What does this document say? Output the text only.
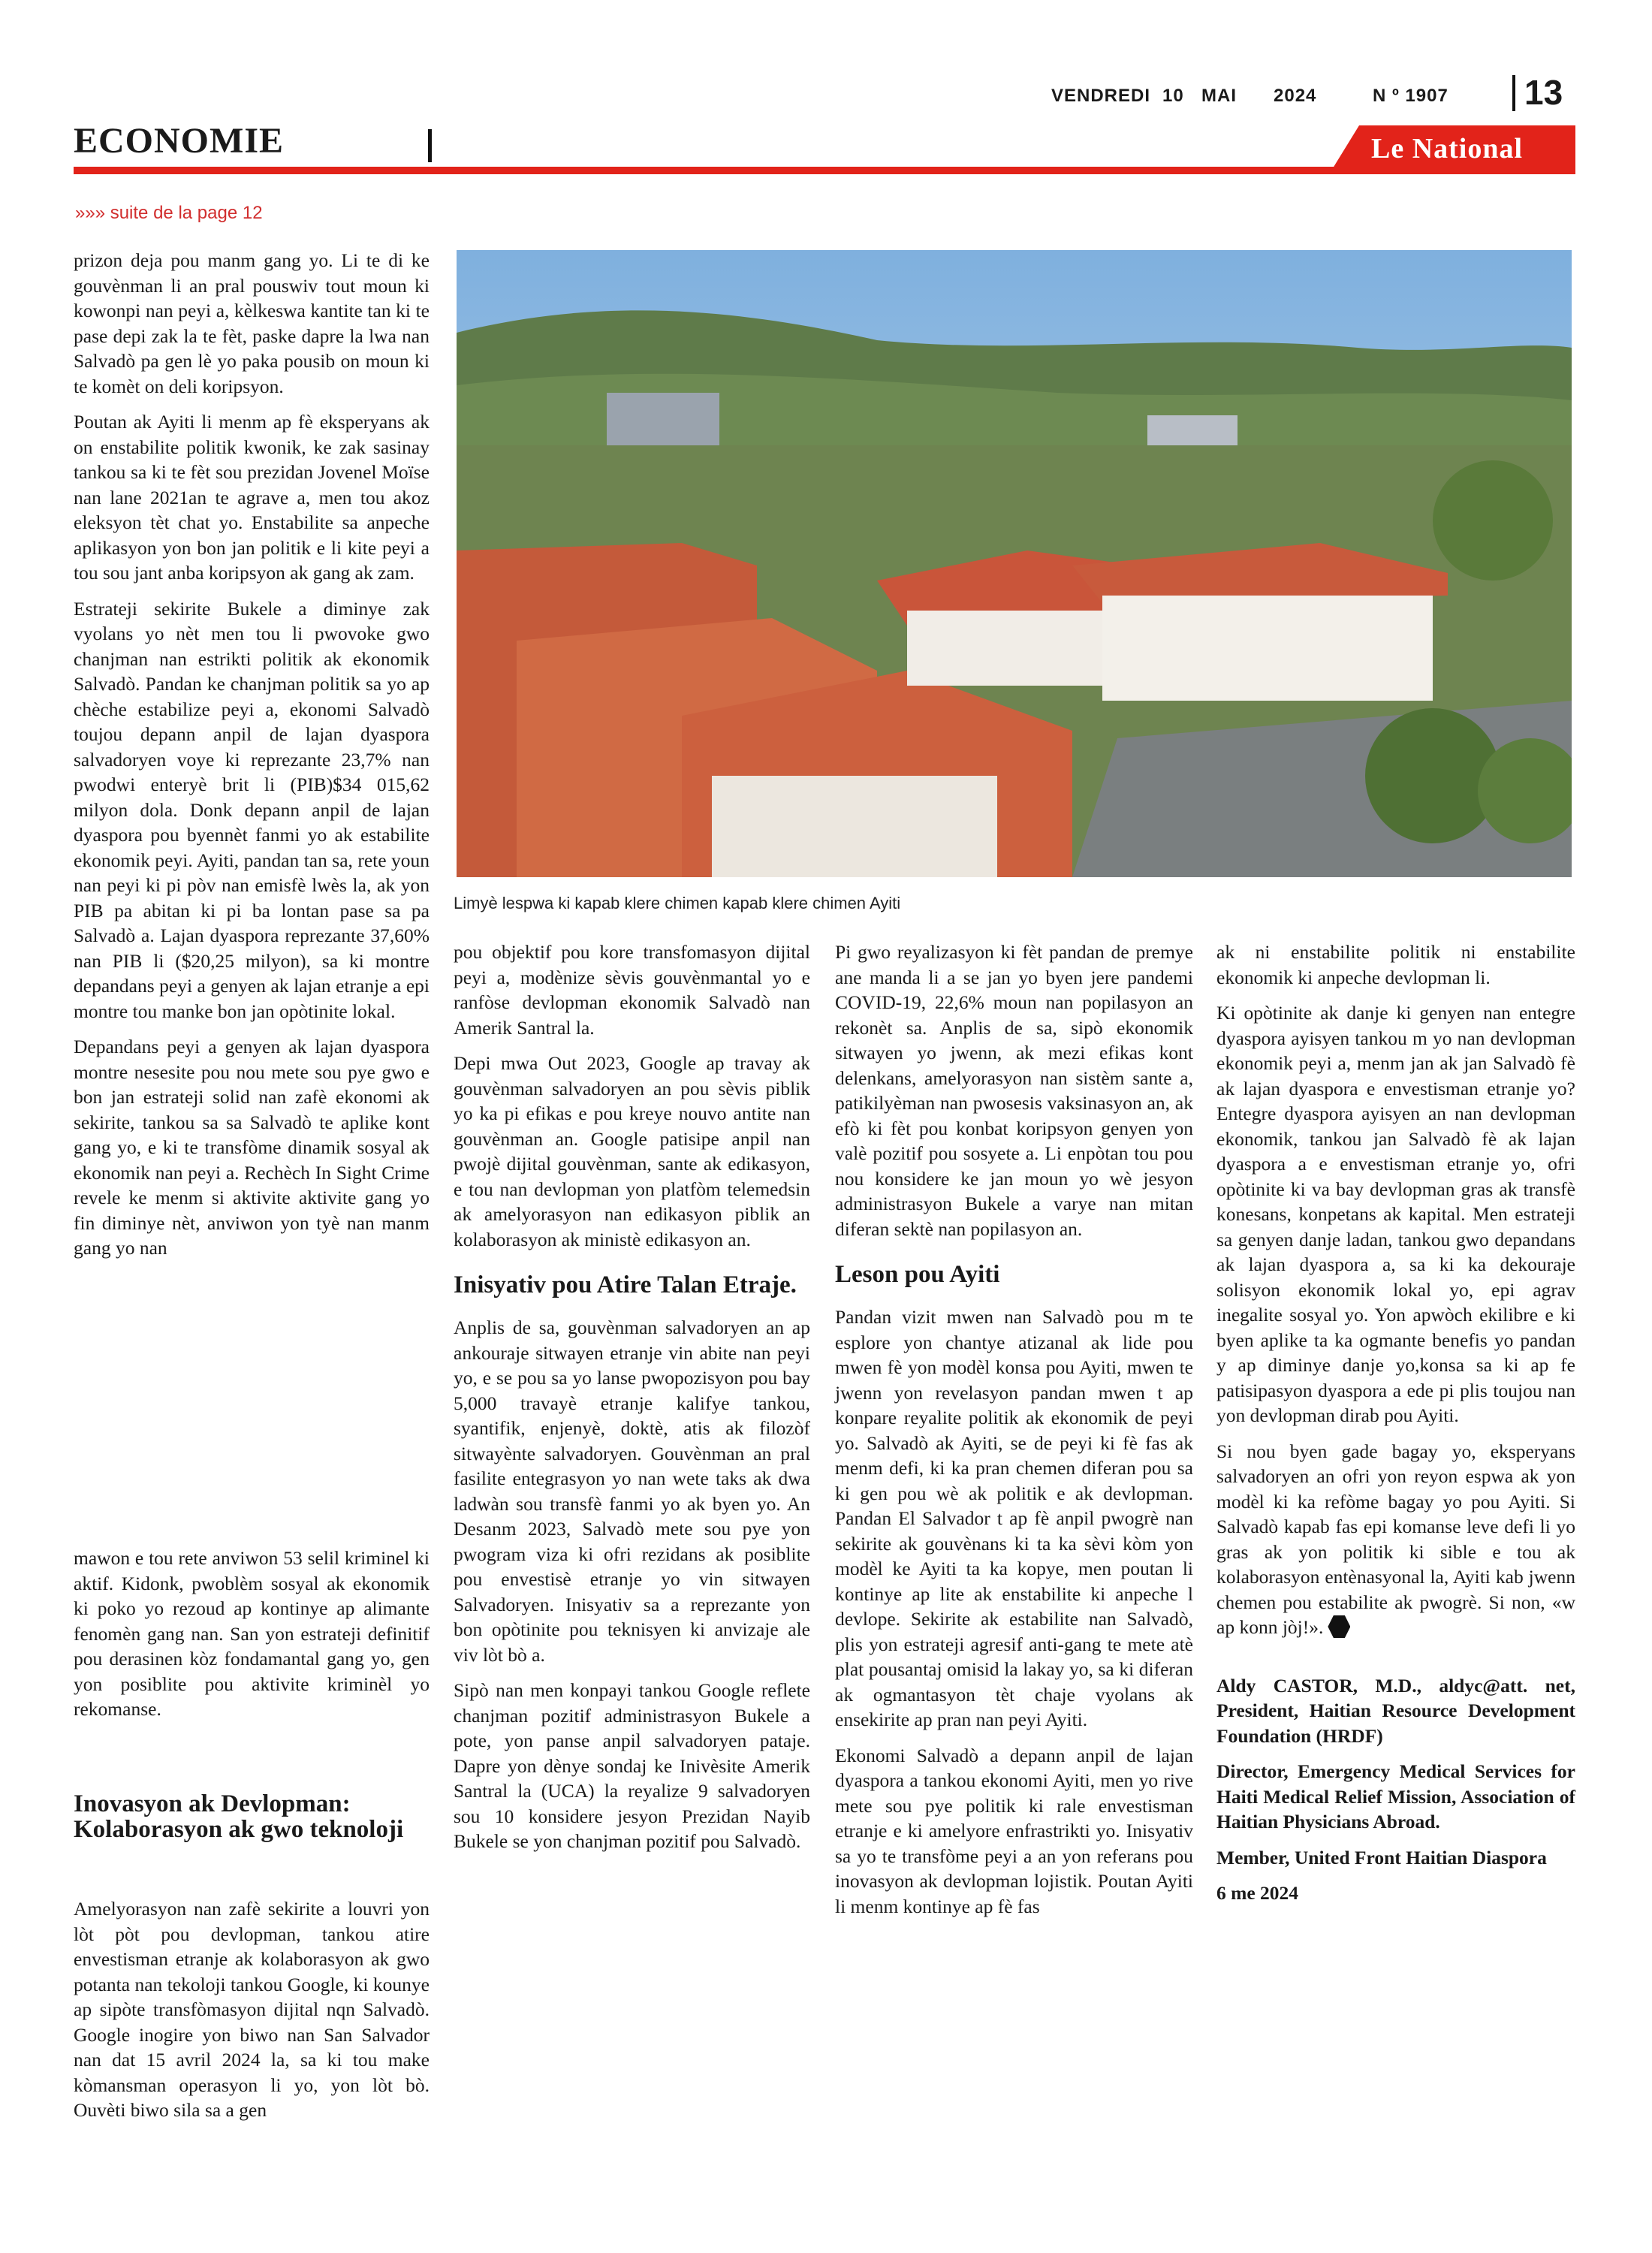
VENDREDI 10 MAI 2024	N º 1907 13
ECONOMIE	Le National
»»» suite de la page 12
Limyè lespwa ki kapab klere chimen kapab klere chimen Ayiti

prizon deja pou manm gang yo. Li te di ke gouvènman li an pral pouswiv tout moun ki kowonpi nan peyi a, kèlkeswa kantite tan ki te pase depi zak la te fèt, paske dapre la lwa nan Salvadò pa gen lè yo paka pousib on moun ki te komèt on deli koripsyon.

Poutan ak Ayiti li menm ap fè eksperyans ak on enstabilite politik kwonik, ke zak sasinay tankou sa ki te fèt sou prezidan Jovenel Moïse nan lane 2021an te agrave a, men tou akoz eleksyon tèt chat yo. Enstabilite sa anpeche aplikasyon yon bon jan politik e li kite peyi a tou sou jant anba koripsyon ak gang ak zam.

Estrateji sekirite Bukele a diminye zak vyolans yo nèt men tou li pwovoke gwo chanjman nan estrikti politik ak ekonomik Salvadò. Pandan ke chanjman politik sa yo ap chèche estabilize peyi a, ekonomi Salvadò toujou depann anpil de lajan dyaspora salvadoryen voye ki reprezante 23,7% nan pwodwi enteryè brit li (PIB)$34 015,62 milyon dola. Donk depann anpil de lajan dyaspora pou byennèt fanmi yo ak estabilite ekonomik peyi. Ayiti, pandan tan sa, rete youn nan peyi ki pi pòv nan emisfè lwès la, ak yon PIB pa abitan ki pi ba lontan pase sa pa Salvadò a. Lajan dyaspora reprezante 37,60% nan PIB li ($20,25 milyon), sa ki montre depandans peyi a genyen ak lajan etranje a epi montre tou manke bon jan opòtinite lokal.

Depandans peyi a genyen ak lajan dyaspora montre nesesite pou nou mete sou pye gwo e bon jan estrateji solid nan zafè ekonomi ak sekirite, tankou sa sa Salvadò te aplike kont gang yo, e ki te transfòme dinamik sosyal ak ekonomik nan peyi a. Rechèch In Sight Crime revele ke menm si aktivite aktivite gang yo fin diminye nèt, anviwon yon tyè nan manm gang yo nan

mawon e tou rete anviwon 53 selil kriminel ki aktif. Kidonk, pwoblèm sosyal ak ekonomik ki poko yo rezoud ap kontinye ap alimante fenomèn gang nan. San yon estrateji definitif pou derasinen kòz fondamantal gang yo, gen yon posiblite pou aktivite kriminèl yo rekomanse.

Inovasyon ak Devlopman: Kolaborasyon ak gwo teknoloji

Amelyorasyon nan zafè sekirite a louvri yon lòt pòt pou devlopman, tankou atire envestisman etranje ak kolaborasyon ak gwo potanta nan tekoloji tankou Google, ki kounye ap sipòte transfòmasyon dijital nqn Salvadò. Google inogire yon biwo nan San Salvador nan dat 15 avril 2024 la, sa ki tou make kòmansman operasyon li yo, yon lòt bò. Ouvèti biwo sila sa a gen

pou objektif pou kore transfomasyon dijital peyi a, modènize sèvis gouvènmantal yo e ranfòse devlopman ekonomik Salvadò nan Amerik Santral la.

Depi mwa Out 2023, Google ap travay ak gouvènman salvadoryen an pou sèvis piblik yo ka pi efikas e pou kreye nouvo antite nan gouvènman an. Google patisipe anpil nan pwojè dijital gouvènman, sante ak edikasyon, e tou nan devlopman yon platfòm telemedsin ak amelyorasyon nan edikasyon piblik an kolaborasyon ak ministè edikasyon an.

Inisyativ pou Atire Talan Etraje.

Anplis de sa, gouvènman salvadoryen an ap ankouraje sitwayen etranje vin abite nan peyi yo, e se pou sa yo lanse pwopozisyon pou bay 5,000 travayè etranje kalifye tankou, syantifik, enjenyè, doktè, atis ak filozòf sitwayènte salvadoryen. Gouvènman an pral fasilite entegrasyon yo nan wete taks ak dwa ladwàn sou transfè fanmi yo ak byen yo. An Desanm 2023, Salvadò mete sou pye yon pwogram viza ki ofri rezidans ak posiblite pou envestisè etranje yo vin sitwayen Salvadoryen. Inisyativ sa a reprezante yon bon opòtinite pou teknisyen ki anvizaje ale viv lòt bò a.

Sipò nan men konpayi tankou Google reflete chanjman pozitif administrasyon Bukele a pote, yon panse anpil salvadoryen pataje. Dapre yon dènye sondaj ke Inivèsite Amerik Santral la (UCA) la reyalize 9 salvadoryen sou 10 konsidere jesyon Prezidan Nayib Bukele se yon chanjman pozitif pou Salvadò.

Pi gwo reyalizasyon ki fèt pandan de premye ane manda li a se jan yo byen jere pandemi COVID-19, 22,6% moun nan popilasyon an rekonèt sa. Anplis de sa, sipò ekonomik sitwayen yo jwenn, ak mezi efikas kont delenkans, amelyorasyon nan sistèm sante a, patikilyèman nan pwosesis vaksinasyon an, ak efò ki fèt pou konbat koripsyon genyen yon valè pozitif pou sosyete a. Li enpòtan tou pou nou konsidere ke jan moun yo wè jesyon administrasyon Bukele a varye nan mitan diferan sektè nan popilasyon an.

Leson pou Ayiti

Pandan vizit mwen nan Salvadò pou m te esplore yon chantye atizanal ak lide pou mwen fè yon modèl konsa pou Ayiti, mwen te jwenn yon revelasyon pandan mwen t ap konpare reyalite politik ak ekonomik de peyi yo. Salvadò ak Ayiti, se de peyi ki fè fas ak menm defi, ki ka pran chemen diferan pou sa ki gen pou wè ak politik e ak devlopman. Pandan El Salvador t ap fè anpil pwogrè nan sekirite ak gouvènans ki ta ka sèvi kòm yon modèl ke Ayiti ta ka kopye, men poutan li kontinye ap lite ak enstabilite ki anpeche l devlope. Sekirite ak estabilite nan Salvadò, plis yon estrateji agresif anti-gang te mete atè plat pousantaj omisid la lakay yo, sa ki diferan ak ogmantasyon tèt chaje vyolans ak ensekirite ap pran nan peyi Ayiti.

Ekonomi Salvadò a depann anpil de lajan dyaspora a tankou ekonomi Ayiti, men yo rive mete sou pye politik ki rale envestisman etranje e ki amelyore enfrastrikti yo. Inisyativ sa yo te transfòme peyi a an yon referans pou inovasyon ak devlopman lojistik. Poutan Ayiti li menm kontinye ap fè fas

ak ni enstabilite politik ni enstabilite ekonomik ki anpeche devlopman li.

Ki opòtinite ak danje ki genyen nan entegre dyaspora ayisyen tankou m yo nan devlopman ekonomik peyi a, menm jan ak jan Salvadò fè ak lajan dyaspora e envestisman etranje yo? Entegre dyaspora ayisyen an nan devlopman ekonomik, tankou jan Salvadò fè ak lajan dyaspora a e envestisman etranje yo, ofri opòtinite ki va bay devlopman gras ak transfè konesans, konpetans ak kapital. Men estrateji sa genyen danje ladan, tankou gwo depandans ak lajan dyaspora a, sa ki ka dekouraje solisyon ekonomik lokal yo, epi agrav inegalite sosyal yo. Yon apwòch ekilibre e ki byen aplike ta ka ogmante benefis yo pandan y ap diminye danje yo,konsa sa ki ap fe patisipasyon dyaspora a ede pi plis toujou nan yon devlopman dirab pou Ayiti.

Si nou byen gade bagay yo, eksperyans salvadoryen an ofri yon reyon espwa ak yon modèl ki ka refòme bagay yo pou Ayiti. Si Salvadò kapab fas epi komanse leve defi li yo gras ak yon politik ki sible e tou ak kolaborasyon entènasyonal la, Ayiti kab jwenn chemen pou estabilite ak pwogrè. Si non, «w ap konn jòj!».

Aldy CASTOR, M.D., aldyc@att. net, President, Haitian Resource Development Foundation (HRDF)

Director, Emergency Medical Services for Haiti Medical Relief Mission, Association of Haitian Physicians Abroad.

Member, United Front Haitian Diaspora

6 me 2024
